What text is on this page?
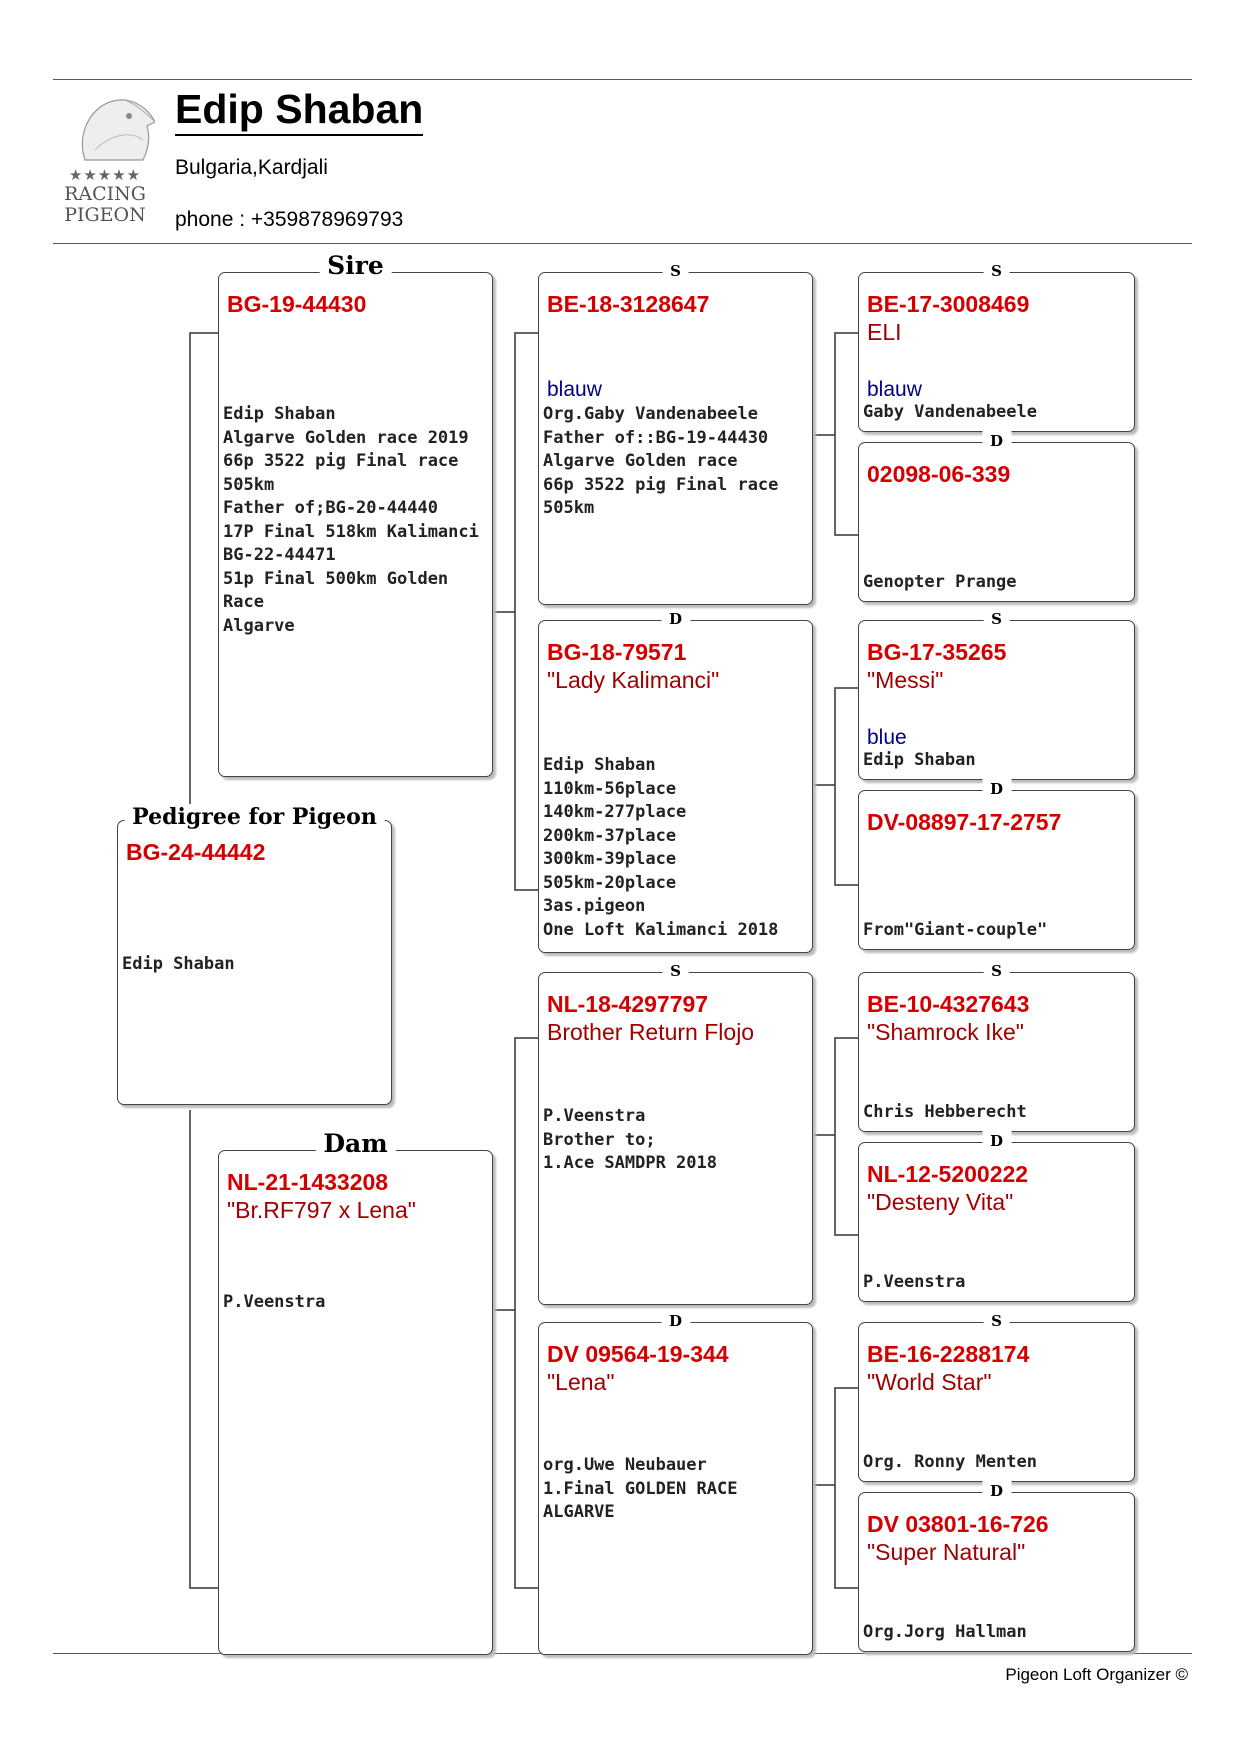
★★★★★
RACING
PIGEON
Edip Shaban
Bulgaria,Kardjali
phone : +359878969793
Pedigree for Pigeon
BG-24-44442
Edip Shaban
Sire
BG-19-44430
Edip Shaban
Algarve Golden race 2019
66p 3522 pig Final race
505km
Father of;BG-20-44440
17P Final 518km Kalimanci
BG-22-44471
51p Final 500km Golden Race
Algarve
Dam
NL-21-1433208
"Br.RF797 x Lena"
P.Veenstra
S
BE-18-3128647
blauw
Org.Gaby Vandenabeele
Father of::BG-19-44430
Algarve Golden race
66p 3522 pig Final race
505km
D
BG-18-79571
"Lady Kalimanci"
Edip Shaban
110km-56place
140km-277place
200km-37place
300km-39place
505km-20place
3as.pigeon
One Loft Kalimanci 2018
S
NL-18-4297797
Brother Return Flojo
P.Veenstra
Brother to;
1.Ace SAMDPR 2018
D
DV 09564-19-344
"Lena"
org.Uwe Neubauer
1.Final GOLDEN RACE
ALGARVE
S
BE-17-3008469
ELI
blauw
Gaby Vandenabeele
D
02098-06-339
Genopter Prange
S
BG-17-35265
"Messi"
blue
Edip Shaban
D
DV-08897-17-2757
From"Giant-couple"
S
BE-10-4327643
"Shamrock Ike"
Chris Hebberecht
D
NL-12-5200222
"Desteny Vita"
P.Veenstra
S
BE-16-2288174
"World Star"
Org. Ronny Menten
D
DV 03801-16-726
"Super Natural"
Org.Jorg Hallman
Pigeon Loft Organizer ©
